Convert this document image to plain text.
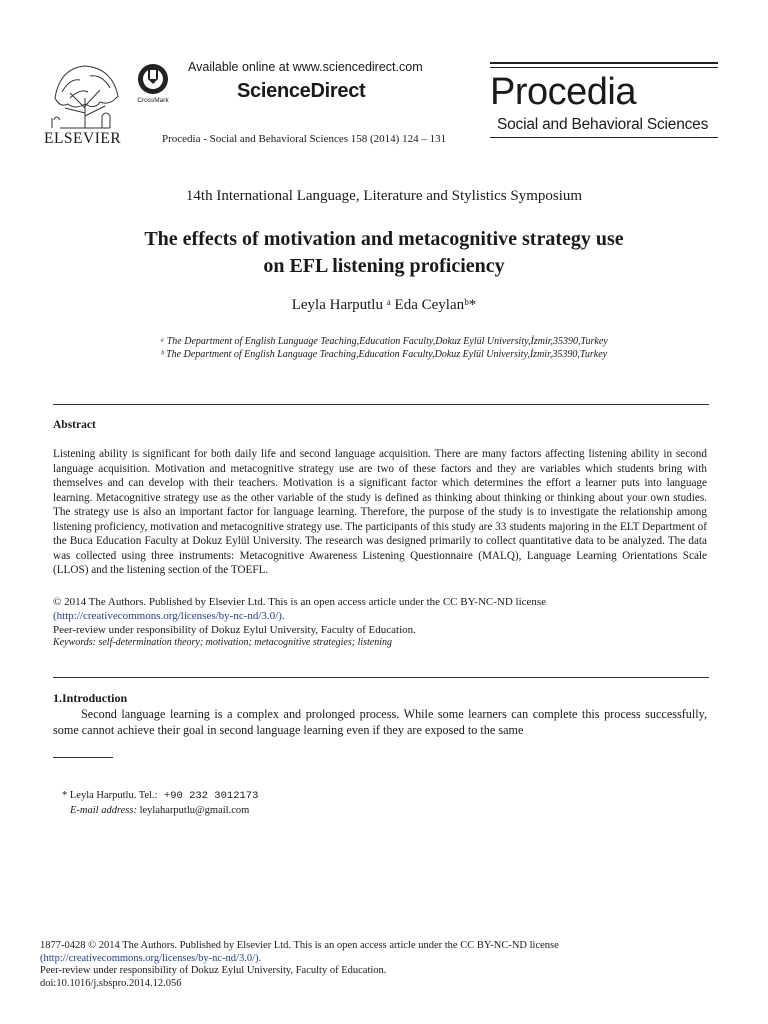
ELSEVIER
CrossMark
Available online at www.sciencedirect.com
ScienceDirect
Procedia - Social and Behavioral Sciences 158 (2014) 124 – 131
Procedia
Social and Behavioral Sciences
14th International Language, Literature and Stylistics Symposium
The effects of motivation and metacognitive strategy use
on EFL listening proficiency
Leyla Harputlu ᵃ Eda Ceylanᵇ*
ᵃ The Department of English Language Teaching,Education Faculty,Dokuz Eylül University,İzmir,35390,Turkey
ᵇ The Department of English Language Teaching,Education Faculty,Dokuz Eylül University,İzmir,35390,Turkey
Abstract
Listening ability is significant for both daily life and second language acquisition. There are many factors affecting listening ability in second language acquisition. Motivation and metacognitive strategy use are two of these factors and they are variables which students bring with themselves and can develop with their teachers. Motivation is a significant factor which determines the effort a learner puts into language learning. Metacognitive strategy use as the other variable of the study is defined as thinking about thinking or thinking about your own studies. The strategy use is also an important factor for language learning. Therefore, the purpose of the study is to investigate the relationship among listening proficiency, motivation and metacognitive strategy use. The participants of this study are 33 students majoring in the ELT Department of the Buca Education Faculty at Dokuz Eylül University. The research was designed primarily to collect quantitative data to be analyzed. The data was collected using three instruments: Metacognitive Awareness Listening Questionnaire (MALQ), Language Learning Orientations Scale (LLOS) and the listening section of the TOEFL.
© 2014 The Authors. Published by Elsevier Ltd. This is an open access article under the CC BY-NC-ND license
(http://creativecommons.org/licenses/by-nc-nd/3.0/).
Peer-review under responsibility of Dokuz Eylul University, Faculty of Education.
Keywords: self-determination theory; motivation; metacognitive strategies; listening
1.Introduction
Second language learning is a complex and prolonged process. While some learners can complete this process successfully, some cannot achieve their goal in second language learning even if they are exposed to the same
* Leyla Harputlu. Tel.: +90 232 3012173
E-mail address: leylaharputlu@gmail.com
1877-0428 © 2014 The Authors. Published by Elsevier Ltd. This is an open access article under the CC BY-NC-ND license
(http://creativecommons.org/licenses/by-nc-nd/3.0/).
Peer-review under responsibility of Dokuz Eylul University, Faculty of Education.
doi:10.1016/j.sbspro.2014.12.056
